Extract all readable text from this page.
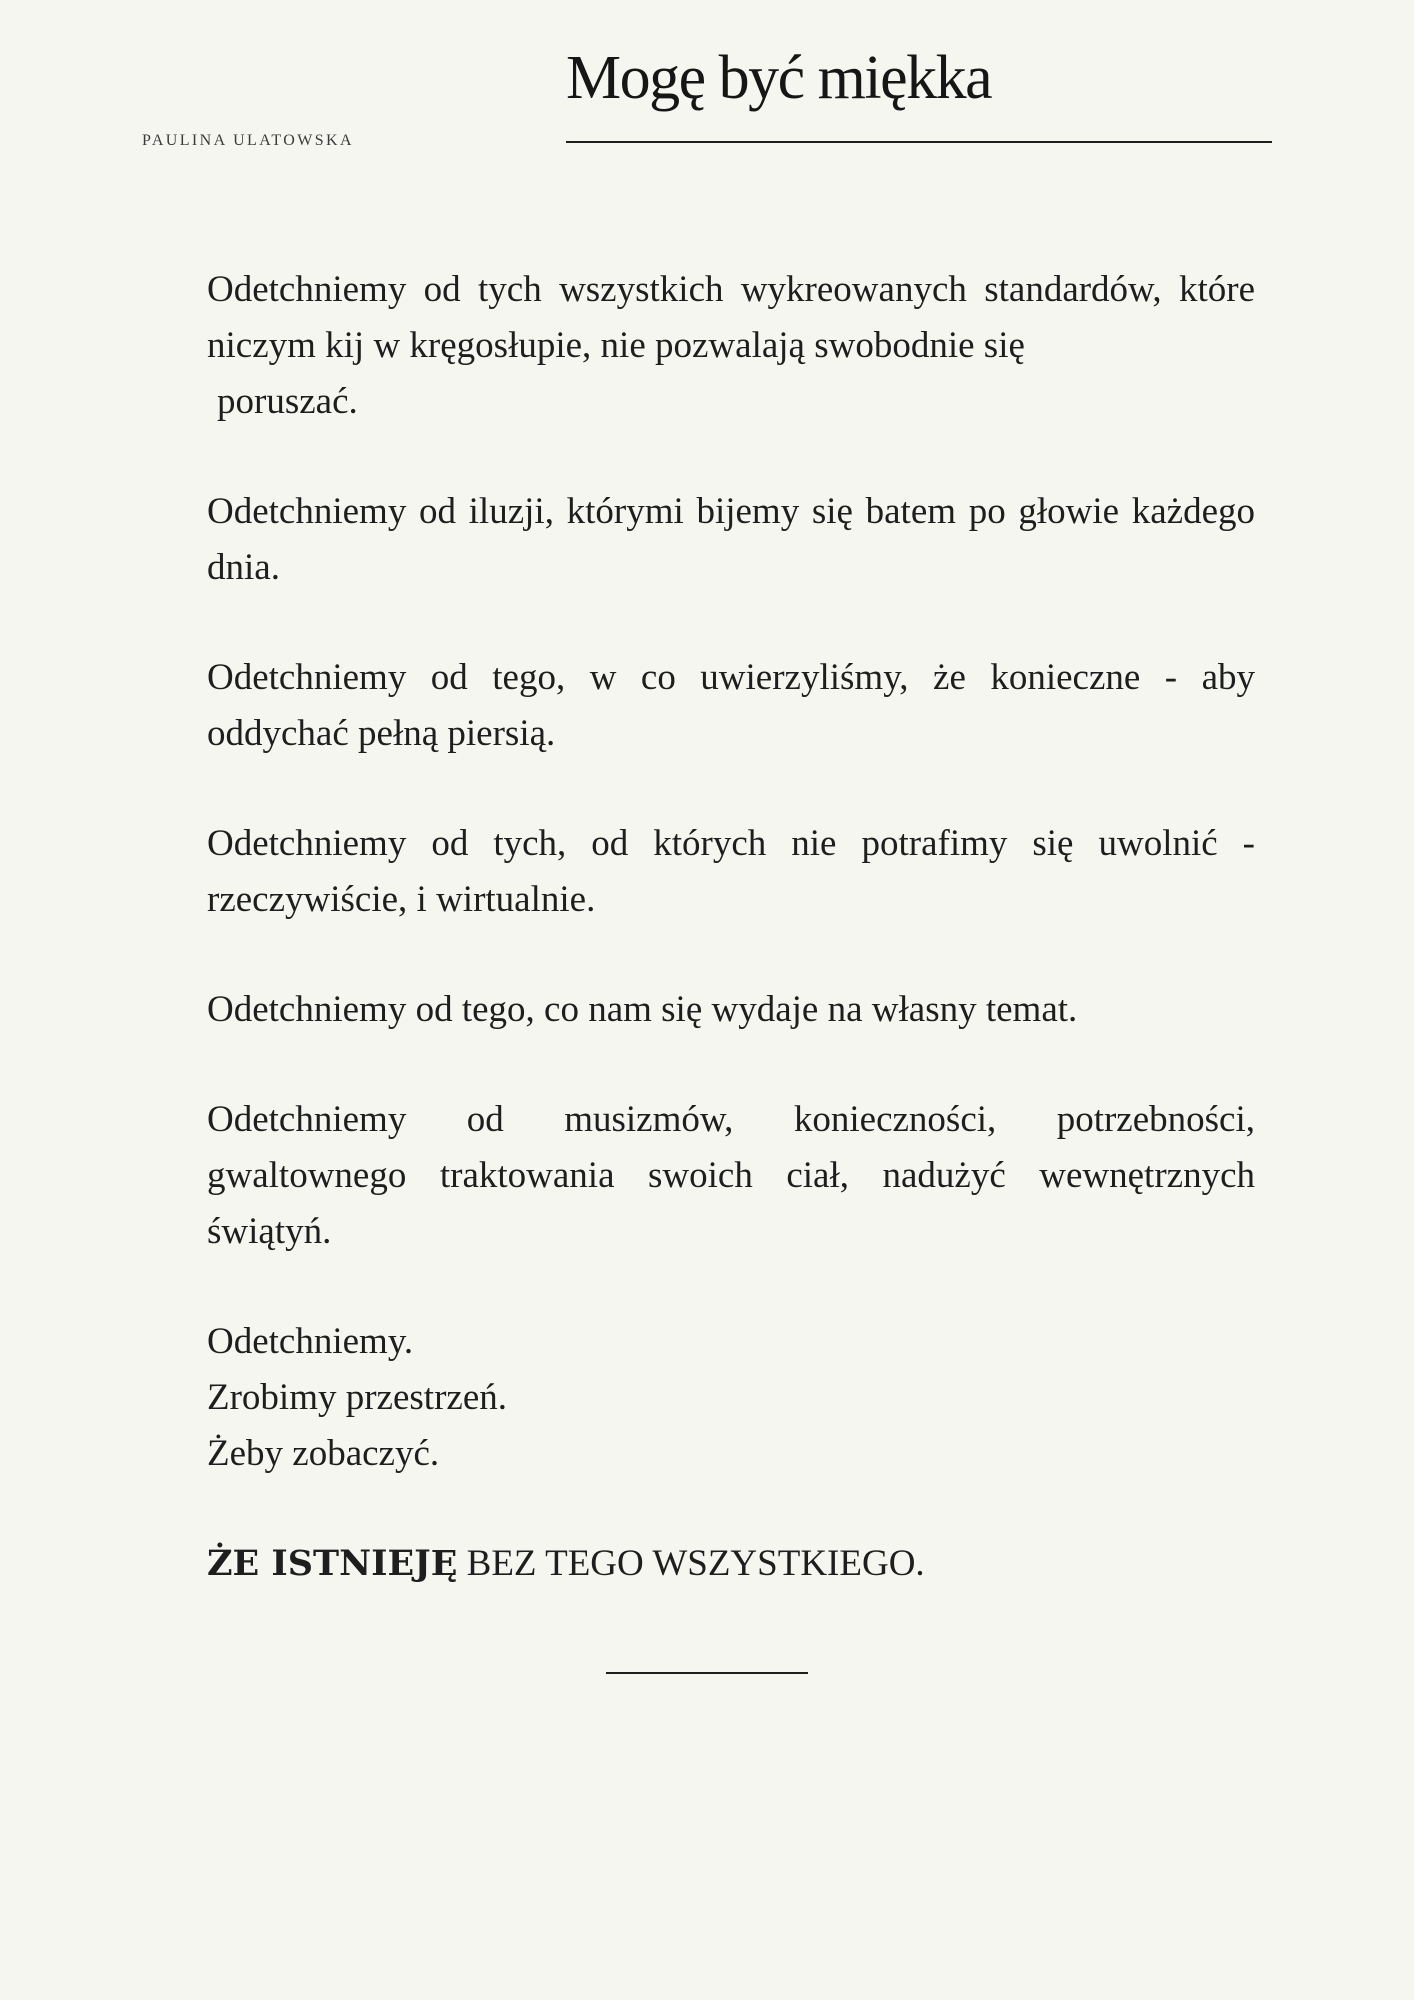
Mogę być miękka
PAULINA ULATOWSKA

Odetchniemy od tych wszystkich wykreowanych standardów, które niczym kij w kręgosłupie, nie pozwalają swobodnie się
poruszać.

Odetchniemy od iluzji, którymi bijemy się batem po głowie każdego dnia.

Odetchniemy od tego, w co uwierzyliśmy, że konieczne - aby oddychać pełną piersią.

Odetchniemy od tych, od których nie potrafimy się uwolnić - rzeczywiście, i wirtualnie.

Odetchniemy od tego, co nam się wydaje na własny temat.

Odetchniemy od musizmów, konieczności, potrzebności, gwaltownego traktowania swoich ciał, nadużyć wewnętrznych świątyń.

Odetchniemy.
Zrobimy przestrzeń.
Żeby zobaczyć.

ŻE ISTNIEJĘ BEZ TEGO WSZYSTKIEGO.
